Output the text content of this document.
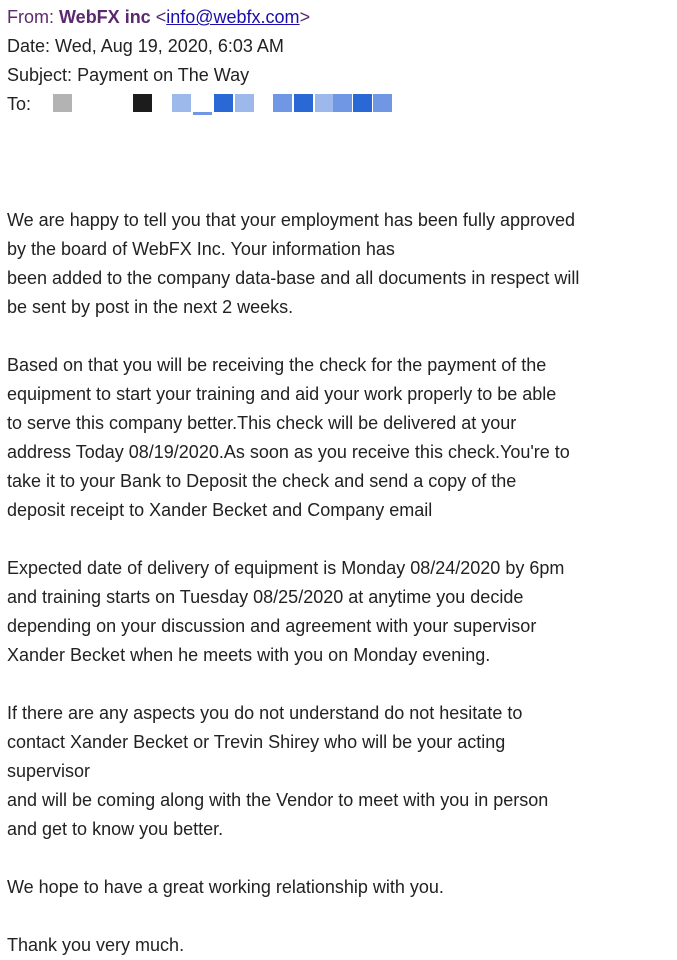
From: WebFX inc <info@webfx.com>
Date: Wed, Aug 19, 2020, 6:03 AM
Subject: Payment on The Way
To:
We are happy to tell you that your employment has been fully approved
by the board of WebFX Inc. Your information has
been added to the company data-base and all documents in respect will
be sent by post in the next 2 weeks.
Based on that you will be receiving the check for the payment of the
equipment to start your training and aid your work properly to be able
to serve this company better.This check will be delivered at your
address Today 08/19/2020.As soon as you receive this check.You're to
take it to your Bank to Deposit the check and send a copy of the
deposit receipt to Xander Becket and Company email
Expected date of delivery of equipment is Monday 08/24/2020 by 6pm
and training starts on Tuesday 08/25/2020 at anytime you decide
depending on your discussion and agreement with your supervisor
Xander Becket when he meets with you on Monday evening.
If there are any aspects you do not understand do not hesitate to
contact Xander Becket or Trevin Shirey who will be your acting
supervisor
and will be coming along with the Vendor to meet with you in person
and get to know you better.
We hope to have a great working relationship with you.
Thank you very much.
